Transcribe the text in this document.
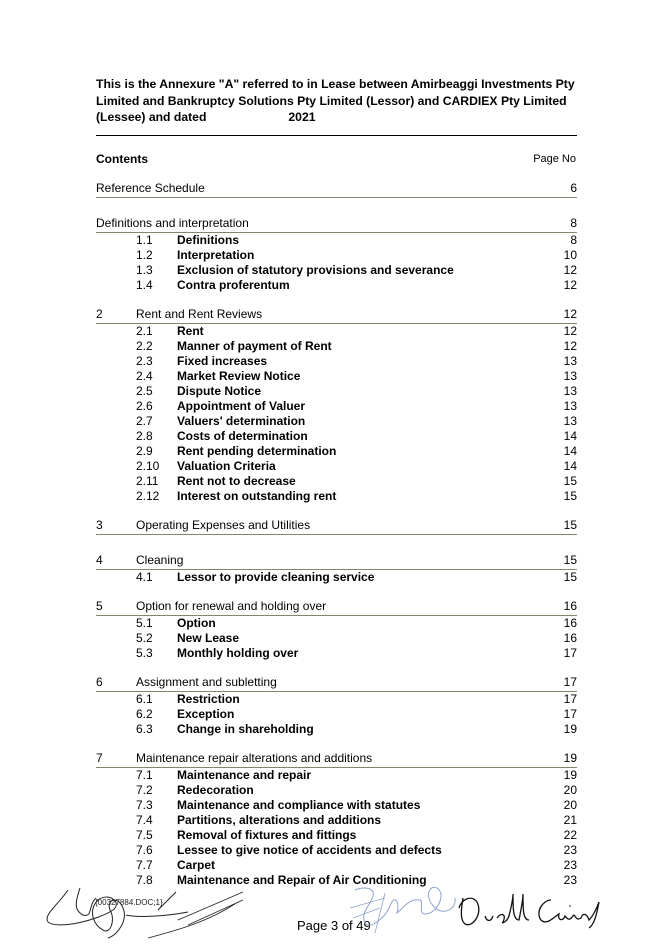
This is the Annexure "A" referred to in Lease between Amirbeaggi Investments Pty
Limited and Bankruptcy Solutions Pty Limited (Lessor) and CARDIEX Pty Limited
(Lessee) and dated	2021
Contents	Page No
Reference Schedule	6
Definitions and interpretation	8
1.1 Definitions	8
1.2 Interpretation	10
1.3 Exclusion of statutory provisions and severance	12
1.4 Contra proferentum	12
2	Rent and Rent Reviews	12
2.1 Rent	12
2.2 Manner of payment of Rent	12
2.3 Fixed increases	13
2.4 Market Review Notice	13
2.5 Dispute Notice	13
2.6 Appointment of Valuer	13
2.7 Valuers' determination	13
2.8 Costs of determination	14
2.9 Rent pending determination	14
2.10 Valuation Criteria	14
2.11 Rent not to decrease	15
2.12 Interest on outstanding rent	15
3	Operating Expenses and Utilities	15
4	Cleaning	15
4.1 Lessor to provide cleaning service	15
5	Option for renewal and holding over	16
5.1 Option	16
5.2 New Lease	16
5.3 Monthly holding over	17
6	Assignment and subletting	17
6.1 Restriction	17
6.2 Exception	17
6.3 Change in shareholding	19
7	Maintenance repair alterations and additions	19
7.1 Maintenance and repair	19
7.2 Redecoration	20
7.3 Maintenance and compliance with statutes	20
7.4 Partitions, alterations and additions	21
7.5 Removal of fixtures and fittings	22
7.6 Lessee to give notice of accidents and defects	23
7.7 Carpet	23
7.8 Maintenance and Repair of Air Conditioning	23
{00327884.DOC;1}
Page 3 of 49
